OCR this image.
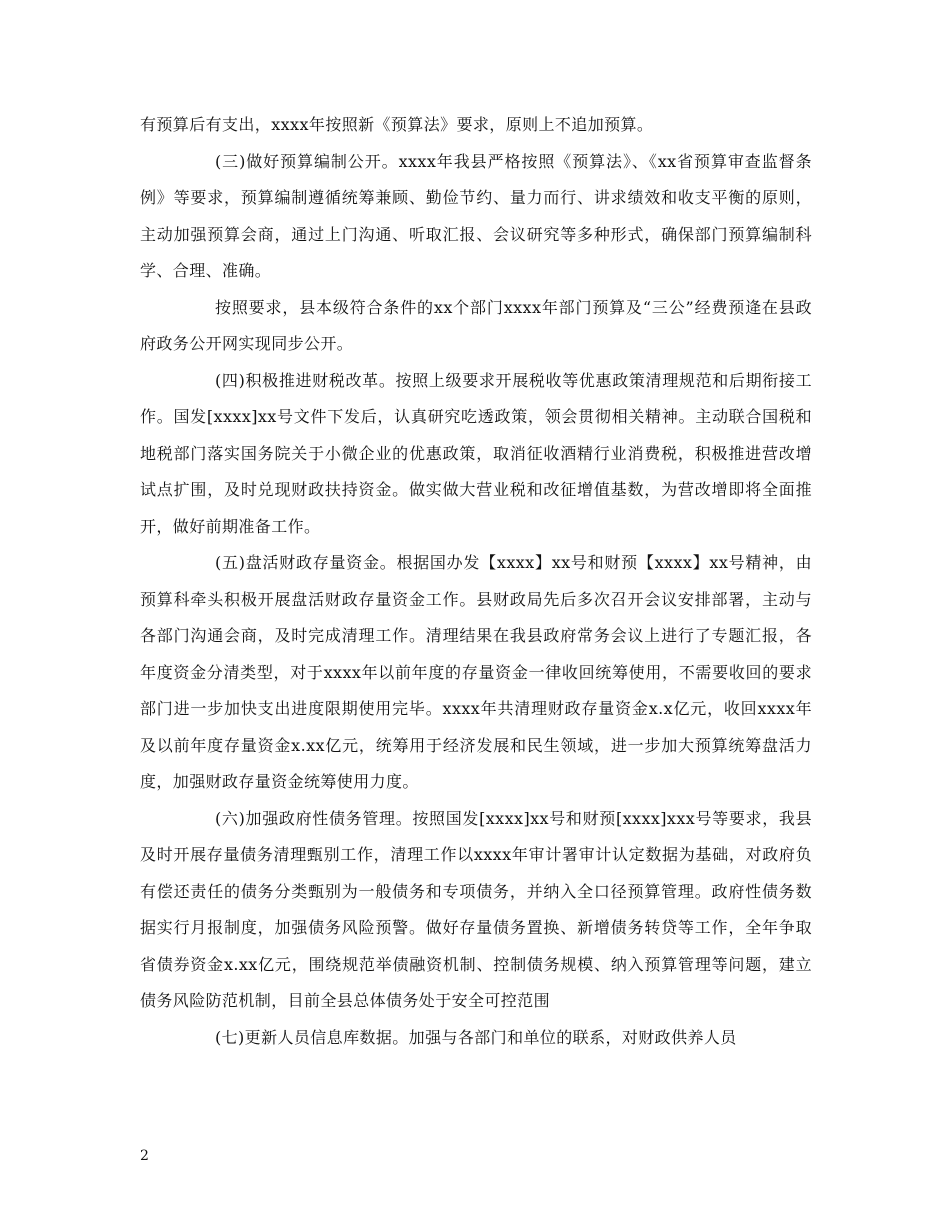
有预算后有支出，xxxx年按照新《预算法》要求，原则上不追加预算。

(三)做好预算编制公开。xxxx年我县严格按照《预算法》、《xx省预算审查监督条例》等要求，预算编制遵循统筹兼顾、勤俭节约、量力而行、讲求绩效和收支平衡的原则，主动加强预算会商，通过上门沟通、听取汇报、会议研究等多种形式，确保部门预算编制科学、合理、准确。

按照要求，县本级符合条件的xx个部门xxxx年部门预算及“三公”经费预逄在县政府政务公开网实现同步公开。

(四)积极推进财税改革。按照上级要求开展税收等优惠政策清理规范和后期衔接工作。国发[xxxx]xx号文件下发后，认真研究吃透政策，领会贯彻相关精神。主动联合国税和地税部门落实国务院关于小微企业的优惠政策，取消征收酒精行业消费税，积极推进营改增试点扩围，及时兑现财政扶持资金。做实做大营业税和改征增值基数，为营改增即将全面推开，做好前期准备工作。

(五)盘活财政存量资金。根据国办发【xxxx】xx号和财预【xxxx】xx号精神，由预算科牵头积极开展盘活财政存量资金工作。县财政局先后多次召开会议安排部署，主动与各部门沟通会商，及时完成清理工作。清理结果在我县政府常务会议上进行了专题汇报，各年度资金分清类型，对于xxxx年以前年度的存量资金一律收回统筹使用，不需要收回的要求部门进一步加快支出进度限期使用完毕。xxxx年共清理财政存量资金x.x亿元，收回xxxx年及以前年度存量资金x.xx亿元，统筹用于经济发展和民生领域，进一步加大预算统筹盘活力度，加强财政存量资金统筹使用力度。

(六)加强政府性债务管理。按照国发[xxxx]xx号和财预[xxxx]xxx号等要求，我县及时开展存量债务清理甄别工作，清理工作以xxxx年审计署审计认定数据为基础，对政府负有偿还责任的债务分类甄别为一般债务和专项债务，并纳入全口径预算管理。政府性债务数据实行月报制度，加强债务风险预警。做好存量债务置换、新增债务转贷等工作，全年争取省债券资金x.xx亿元，围绕规范举债融资机制、控制债务规模、纳入预算管理等问题，建立债务风险防范机制，目前全县总体债务处于安全可控范围

(七)更新人员信息库数据。加强与各部门和单位的联系，对财政供养人员

2
